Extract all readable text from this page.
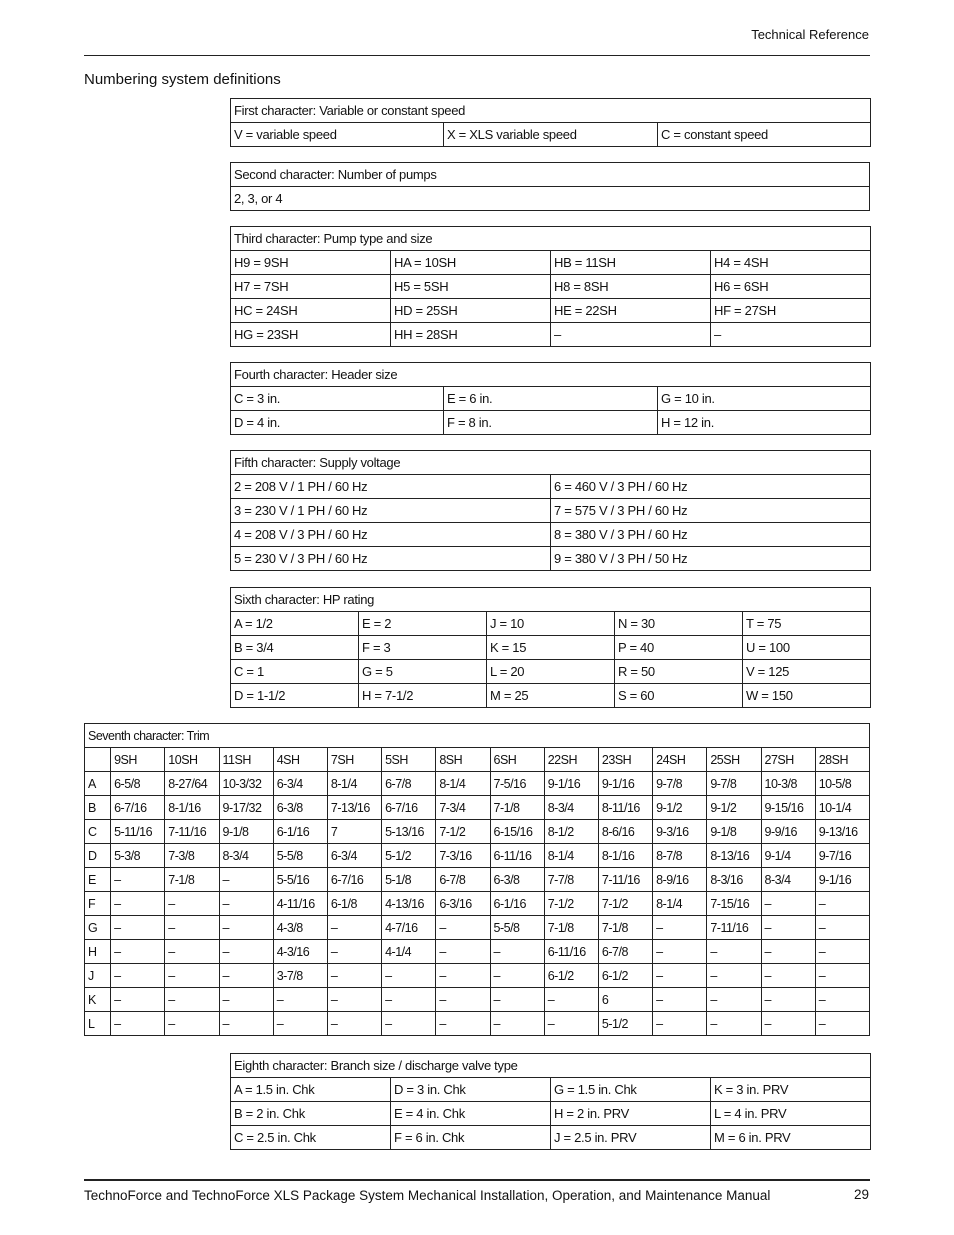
Technical Reference
Numbering system definitions
First character: Variable or constant speed
V = variable speed	X = XLS variable speed	C = constant speed
Second character: Number of pumps
2, 3, or 4
Third character: Pump type and size			
H9 = 9SH	HA = 10SH	HB = 11SH	H4 = 4SH
H7 = 7SH	H5 = 5SH	H8 = 8SH	H6 = 6SH
HC = 24SH	HD = 25SH	HE = 22SH	HF = 27SH
HG = 23SH	HH = 28SH	–	–
Fourth character: Header size		
C = 3 in.	E = 6 in.	G = 10 in.
D = 4 in.	F = 8 in.	H = 12 in.
Fifth character: Supply voltage	
2 = 208 V / 1 PH / 60 Hz	6 = 460 V / 3 PH / 60 Hz
3 = 230 V / 1 PH / 60 Hz	7 = 575 V / 3 PH / 60 Hz
4 = 208 V / 3 PH / 60 Hz	8 = 380 V / 3 PH / 60 Hz
5 = 230 V / 3 PH / 60 Hz	9 = 380 V / 3 PH / 50 Hz
Sixth character: HP rating				
A = 1/2	E = 2	J = 10	N = 30	T = 75
B = 3/4	F = 3	K = 15	P = 40	U = 100
C = 1	G = 5	L = 20	R = 50	V = 125
D = 1-1/2	H = 7-1/2	M = 25	S = 60	W = 150
Seventh character: Trim														
	9SH	10SH	11SH	4SH	7SH	5SH	8SH	6SH	22SH	23SH	24SH	25SH	27SH	28SH
A	6-5/8	8-27/64	10-3/32	6-3/4	8-1/4	6-7/8	8-1/4	7-5/16	9-1/16	9-1/16	9-7/8	9-7/8	10-3/8	10-5/8
B	6-7/16	8-1/16	9-17/32	6-3/8	7-13/16	6-7/16	7-3/4	7-1/8	8-3/4	8-11/16	9-1/2	9-1/2	9-15/16	10-1/4
C	5-11/16	7-11/16	9-1/8	6-1/16	7	5-13/16	7-1/2	6-15/16	8-1/2	8-6/16	9-3/16	9-1/8	9-9/16	9-13/16
D	5-3/8	7-3/8	8-3/4	5-5/8	6-3/4	5-1/2	7-3/16	6-11/16	8-1/4	8-1/16	8-7/8	8-13/16	9-1/4	9-7/16
E	–	7-1/8	–	5-5/16	6-7/16	5-1/8	6-7/8	6-3/8	7-7/8	7-11/16	8-9/16	8-3/16	8-3/4	9-1/16
F	–	–	–	4-11/16	6-1/8	4-13/16	6-3/16	6-1/16	7-1/2	7-1/2	8-1/4	7-15/16	–	–
G	–	–	–	4-3/8	–	4-7/16	–	5-5/8	7-1/8	7-1/8	–	7-11/16	–	–
H	–	–	–	4-3/16	–	4-1/4	–	–	6-11/16	6-7/8	–	–	–	–
J	–	–	–	3-7/8	–	–	–	–	6-1/2	6-1/2	–	–	–	–
K	–	–	–	–	–	–	–	–	–	6	–	–	–	–
L	–	–	–	–	–	–	–	–	–	5-1/2	–	–	–	–
Eighth character: Branch size / discharge valve type			
A = 1.5 in. Chk	D = 3 in. Chk	G = 1.5 in. Chk	K = 3 in. PRV
B = 2 in. Chk	E = 4 in. Chk	H = 2 in. PRV	L = 4 in. PRV
C = 2.5 in. Chk	F = 6 in. Chk	J = 2.5 in. PRV	M = 6 in. PRV
TechnoForce and TechnoForce XLS Package System Mechanical Installation, Operation, and Maintenance Manual	29
